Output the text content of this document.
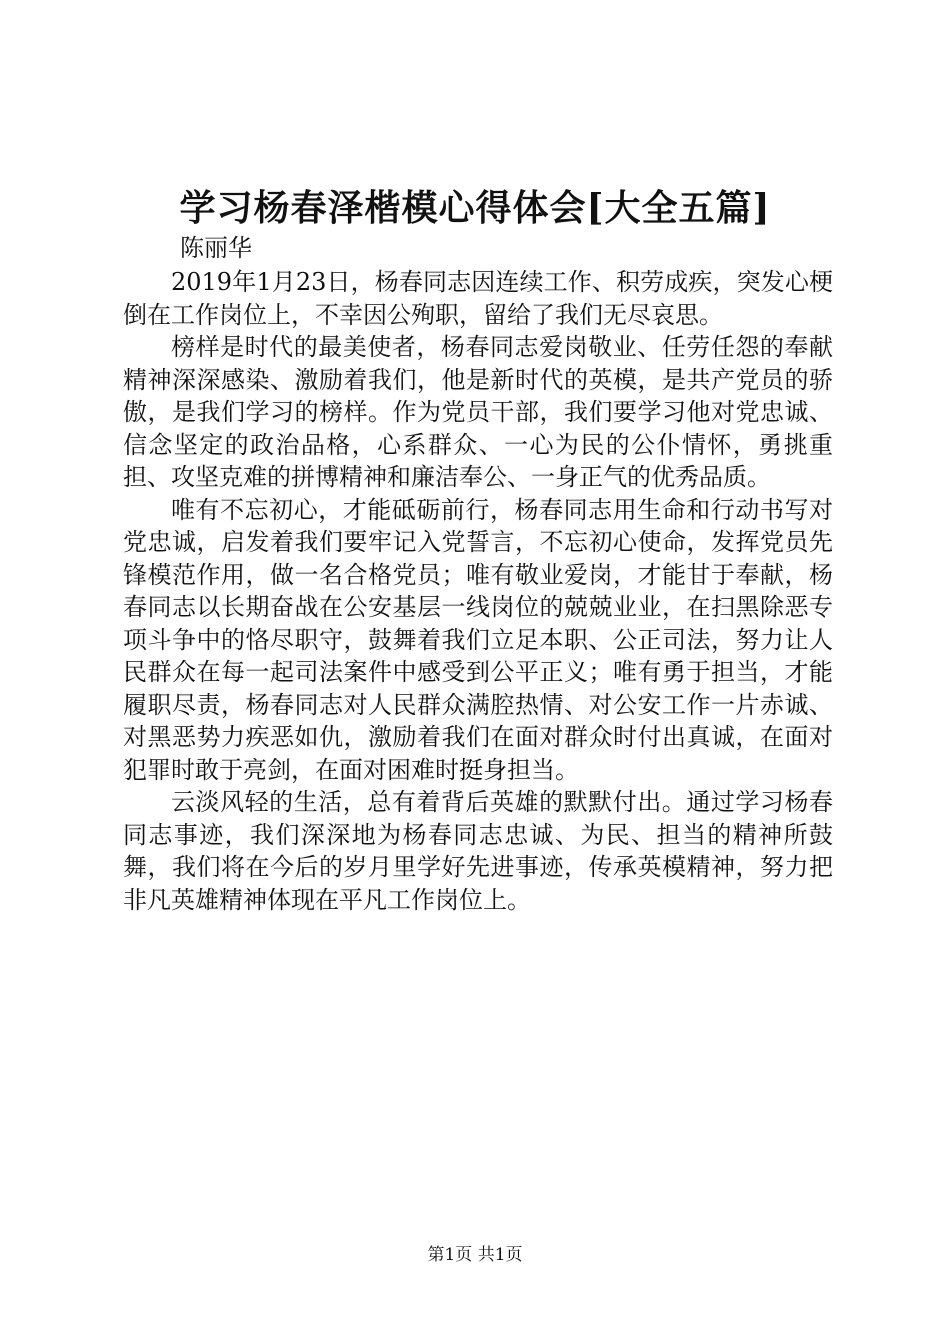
学习杨春泽楷模心得体会[大全五篇]
陈丽华

2019年1月23日，杨春同志因连续工作、积劳成疾，突发心梗倒在工作岗位上，不幸因公殉职，留给了我们无尽哀思。

榜样是时代的最美使者，杨春同志爱岗敬业、任劳任怨的奉献精神深深感染、激励着我们，他是新时代的英模，是共产党员的骄傲，是我们学习的榜样。作为党员干部，我们要学习他对党忠诚、信念坚定的政治品格，心系群众、一心为民的公仆情怀，勇挑重担、攻坚克难的拼博精神和廉洁奉公、一身正气的优秀品质。

唯有不忘初心，才能砥砺前行，杨春同志用生命和行动书写对党忠诚，启发着我们要牢记入党誓言，不忘初心使命，发挥党员先锋模范作用，做一名合格党员；唯有敬业爱岗，才能甘于奉献，杨春同志以长期奋战在公安基层一线岗位的兢兢业业，在扫黑除恶专项斗争中的恪尽职守，鼓舞着我们立足本职、公正司法，努力让人民群众在每一起司法案件中感受到公平正义；唯有勇于担当，才能履职尽责，杨春同志对人民群众满腔热情、对公安工作一片赤诚、对黑恶势力疾恶如仇，激励着我们在面对群众时付出真诚，在面对犯罪时敢于亮剑，在面对困难时挺身担当。

云淡风轻的生活，总有着背后英雄的默默付出。通过学习杨春同志事迹，我们深深地为杨春同志忠诚、为民、担当的精神所鼓舞，我们将在今后的岁月里学好先进事迹，传承英模精神，努力把非凡英雄精神体现在平凡工作岗位上。

第1页 共1页
